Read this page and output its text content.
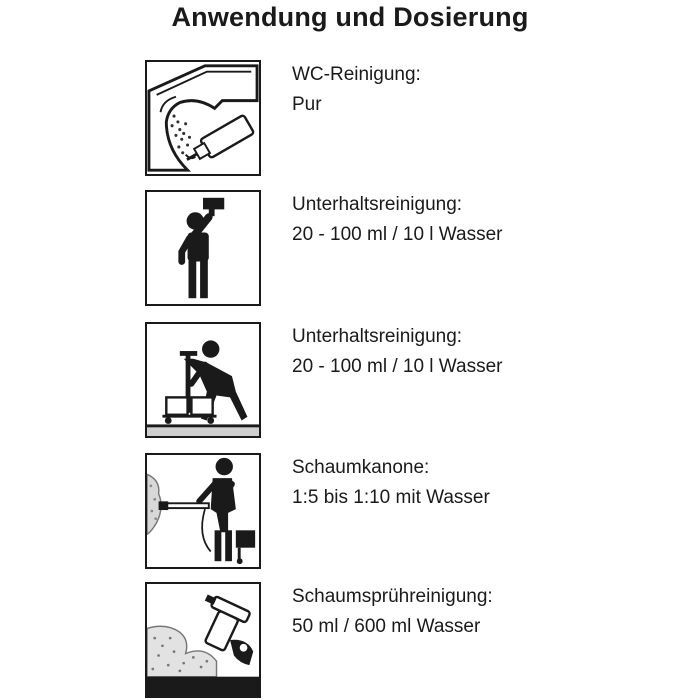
Anwendung und Dosierung
WC-Reinigung:
Pur
Unterhaltsreinigung:
20 - 100 ml / 10 l Wasser
Unterhaltsreinigung:
20 - 100 ml / 10 l Wasser
Schaumkanone:
1:5 bis 1:10 mit Wasser
Schaumsprühreinigung:
50 ml / 600 ml Wasser
